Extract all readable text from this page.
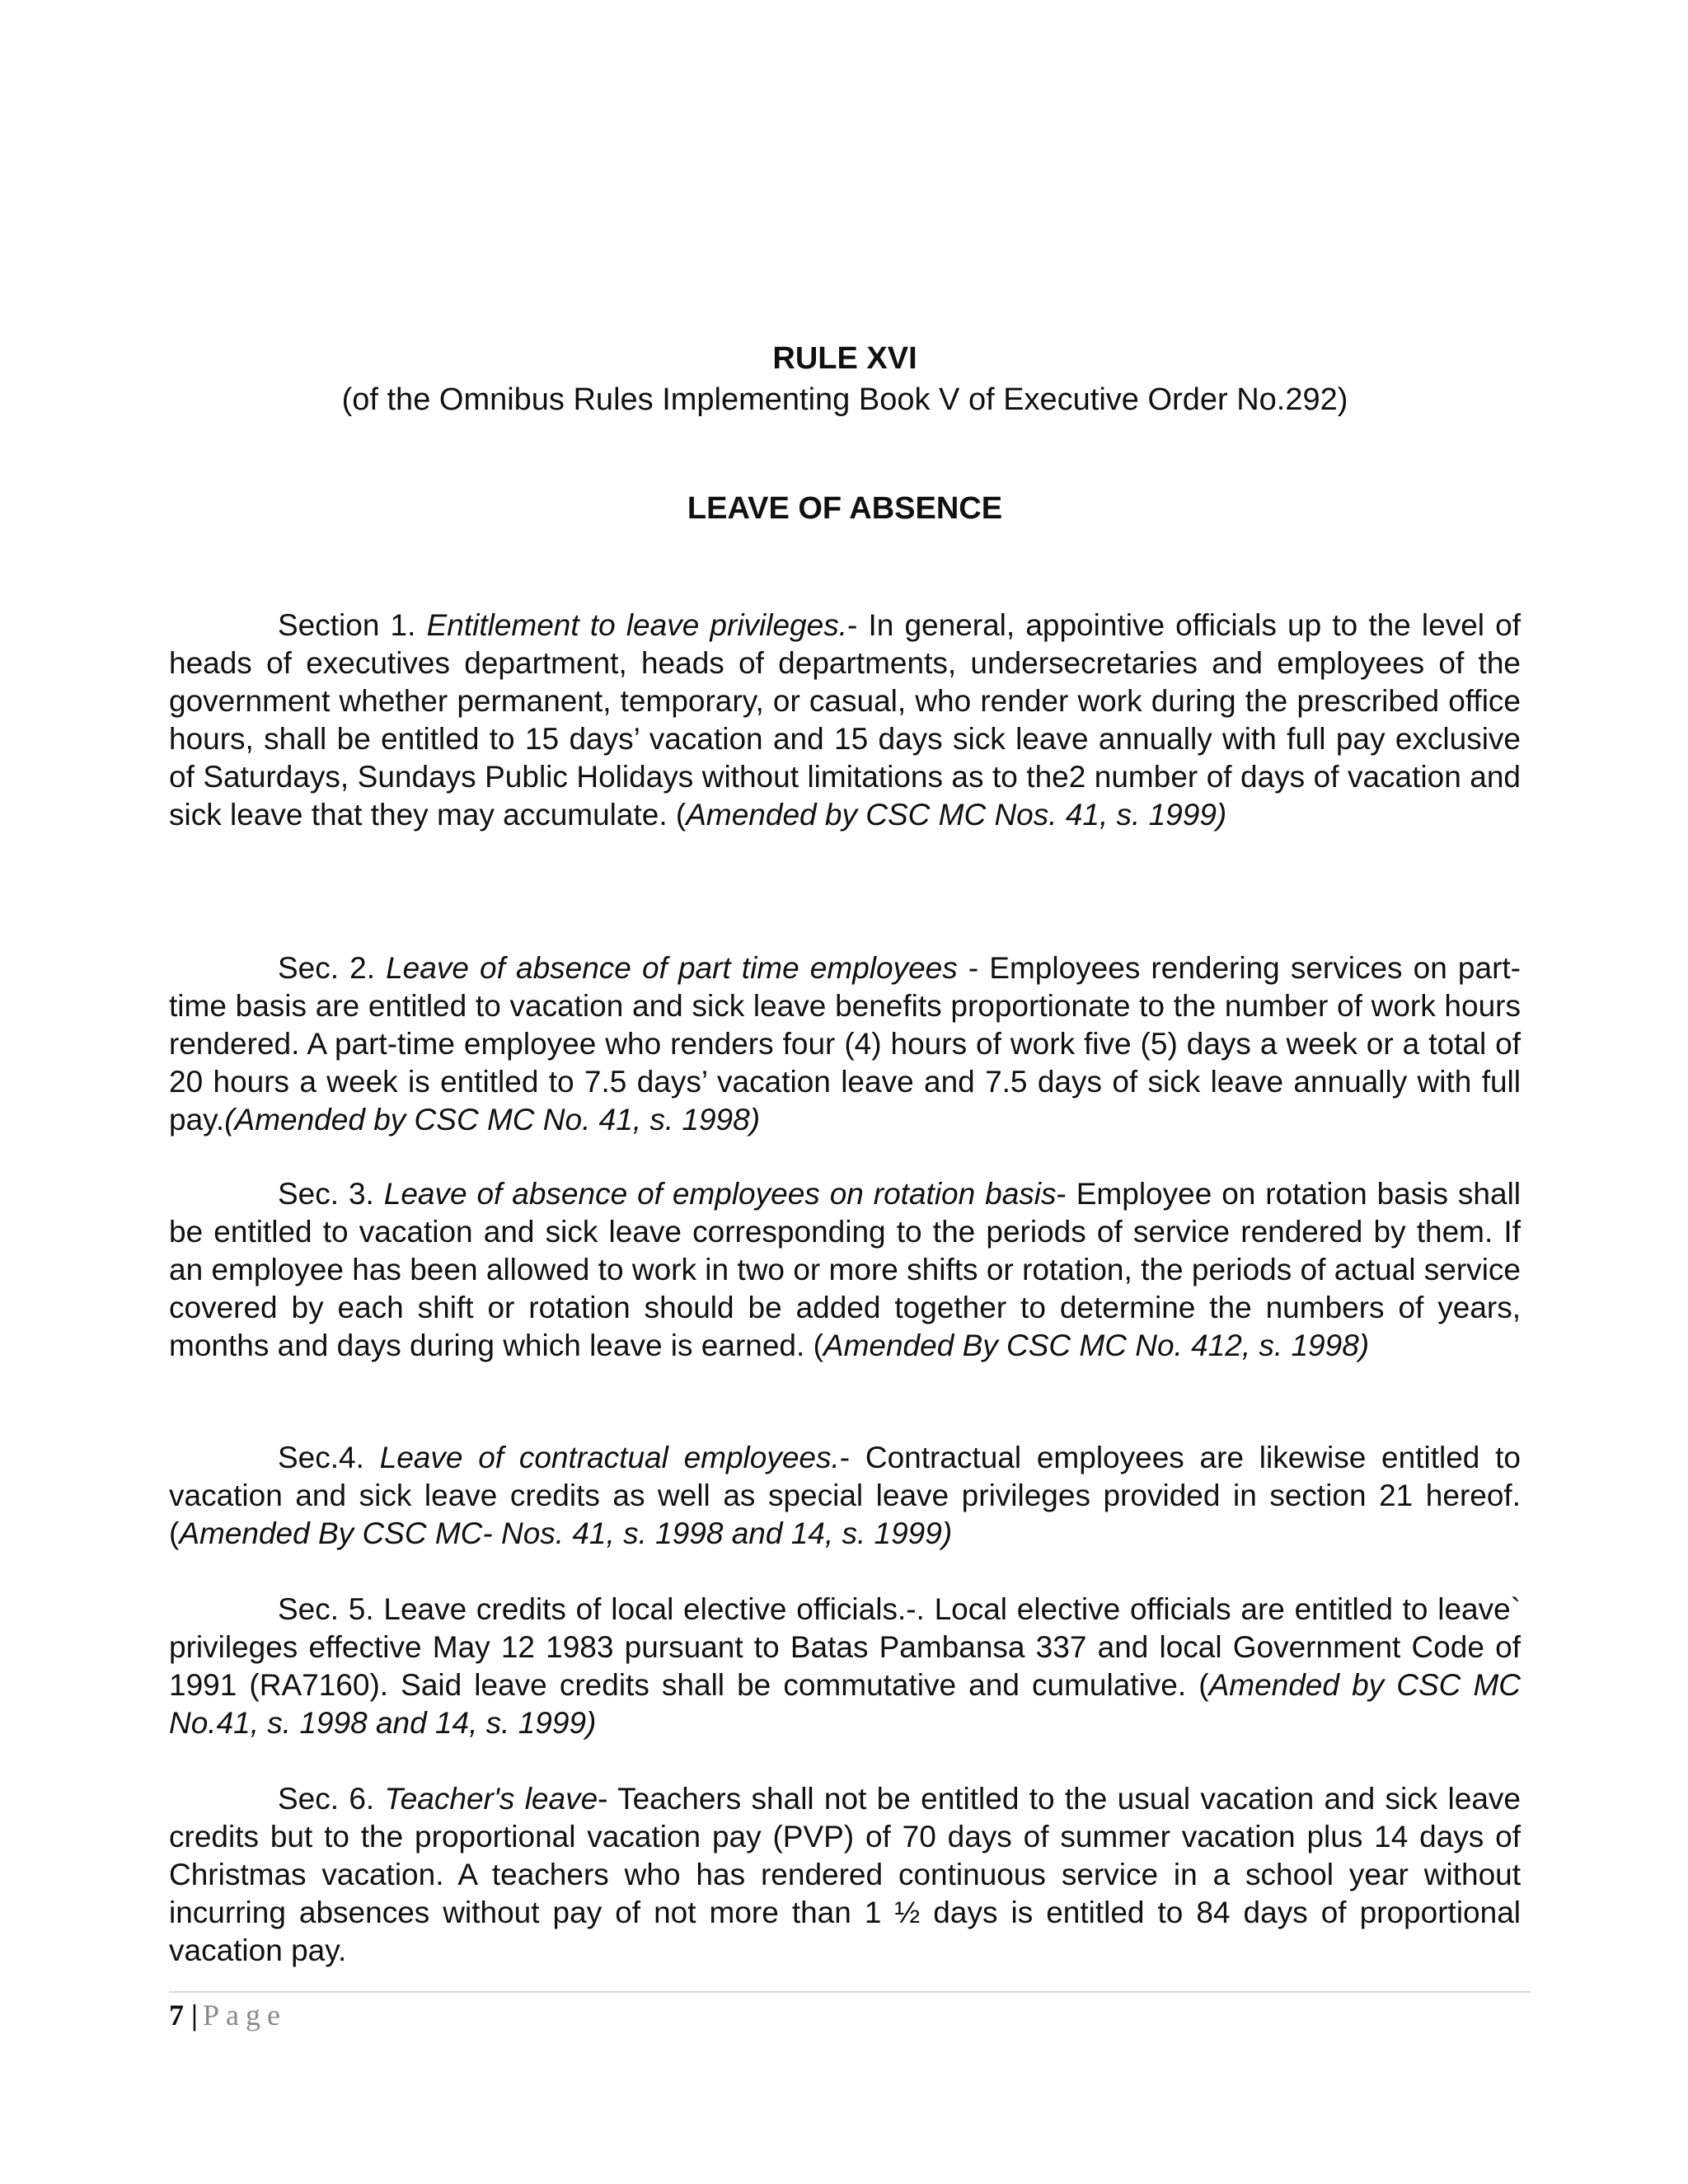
RULE XVI
(of the Omnibus Rules Implementing Book V of Executive Order No.292)
LEAVE OF ABSENCE

Section 1. Entitlement to leave privileges.- In general, appointive officials up to the level of heads of executives department, heads of departments, undersecretaries and employees of the government whether permanent, temporary, or casual, who render work during the prescribed office hours, shall be entitled to 15 days’ vacation and 15 days sick leave annually with full pay exclusive of Saturdays, Sundays Public Holidays without limitations as to the2 number of days of vacation and sick leave that they may accumulate. (Amended by CSC MC Nos. 41, s. 1999)

Sec. 2. Leave of absence of part time employees - Employees rendering services on part-time basis are entitled to vacation and sick leave benefits proportionate to the number of work hours rendered. A part-time employee who renders four (4) hours of work five (5) days a week or a total of 20 hours a week is entitled to 7.5 days’ vacation leave and 7.5 days of sick leave annually with full pay.(Amended by CSC MC No. 41, s. 1998)

Sec. 3. Leave of absence of employees on rotation basis- Employee on rotation basis shall be entitled to vacation and sick leave corresponding to the periods of service rendered by them. If an employee has been allowed to work in two or more shifts or rotation, the periods of actual service covered by each shift or rotation should be added together to determine the numbers of years, months and days during which leave is earned. (Amended By CSC MC No. 412, s. 1998)

Sec.4. Leave of contractual employees.- Contractual employees are likewise entitled to vacation and sick leave credits as well as special leave privileges provided in section 21 hereof. (Amended By CSC MC- Nos. 41, s. 1998 and 14, s. 1999)

Sec. 5. Leave credits of local elective officials.-. Local elective officials are entitled to leave` privileges effective May 12 1983 pursuant to Batas Pambansa 337 and local Government Code of 1991 (RA7160). Said leave credits shall be commutative and cumulative. (Amended by CSC MC No.41, s. 1998 and 14, s. 1999)

Sec. 6. Teacher's leave- Teachers shall not be entitled to the usual vacation and sick leave credits but to the proportional vacation pay (PVP) of 70 days of summer vacation plus 14 days of Christmas vacation. A teachers who has rendered continuous service in a school year without incurring absences without pay of not more than 1 ½ days is entitled to 84 days of proportional vacation pay.

7 | Page
